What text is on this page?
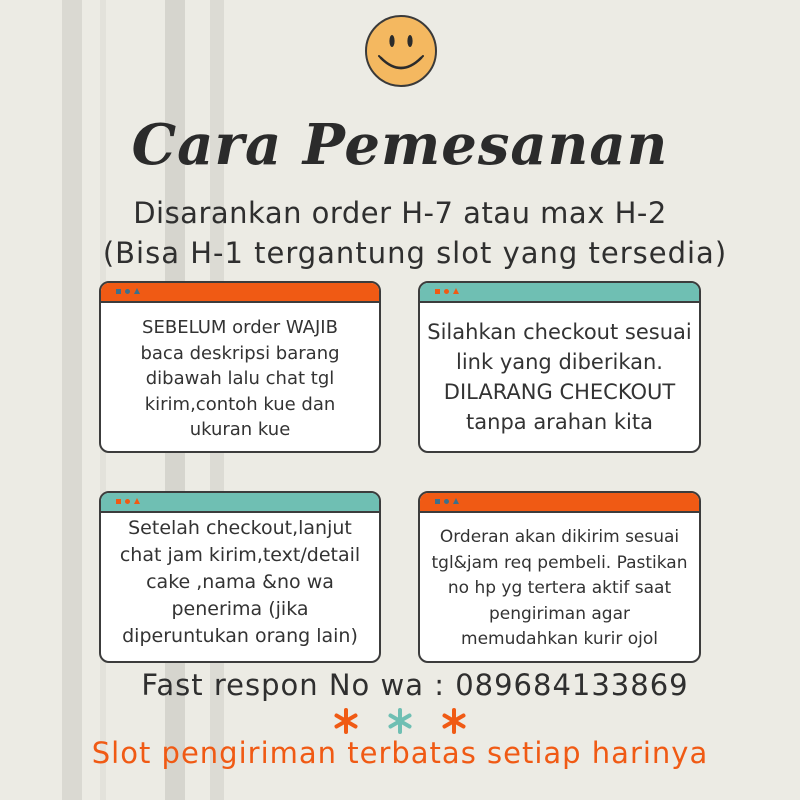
Cara Pemesanan
Disarankan order H-7 atau max H-2
(Bisa H-1 tergantung slot yang tersedia)
SEBELUM order WAJIB
baca deskripsi barang
dibawah lalu chat tgl
kirim,contoh kue dan
ukuran kue
Silahkan checkout sesuai
link yang diberikan.
DILARANG CHECKOUT
tanpa arahan kita
Setelah checkout,lanjut
chat jam kirim,text/detail
cake ,nama &no wa
penerima (jika
diperuntukan orang lain)
Orderan akan dikirim sesuai
tgl&jam req pembeli. Pastikan
no hp yg tertera aktif saat
pengiriman agar
memudahkan kurir ojol
Fast respon No wa : 089684133869
Slot pengiriman terbatas setiap harinya
